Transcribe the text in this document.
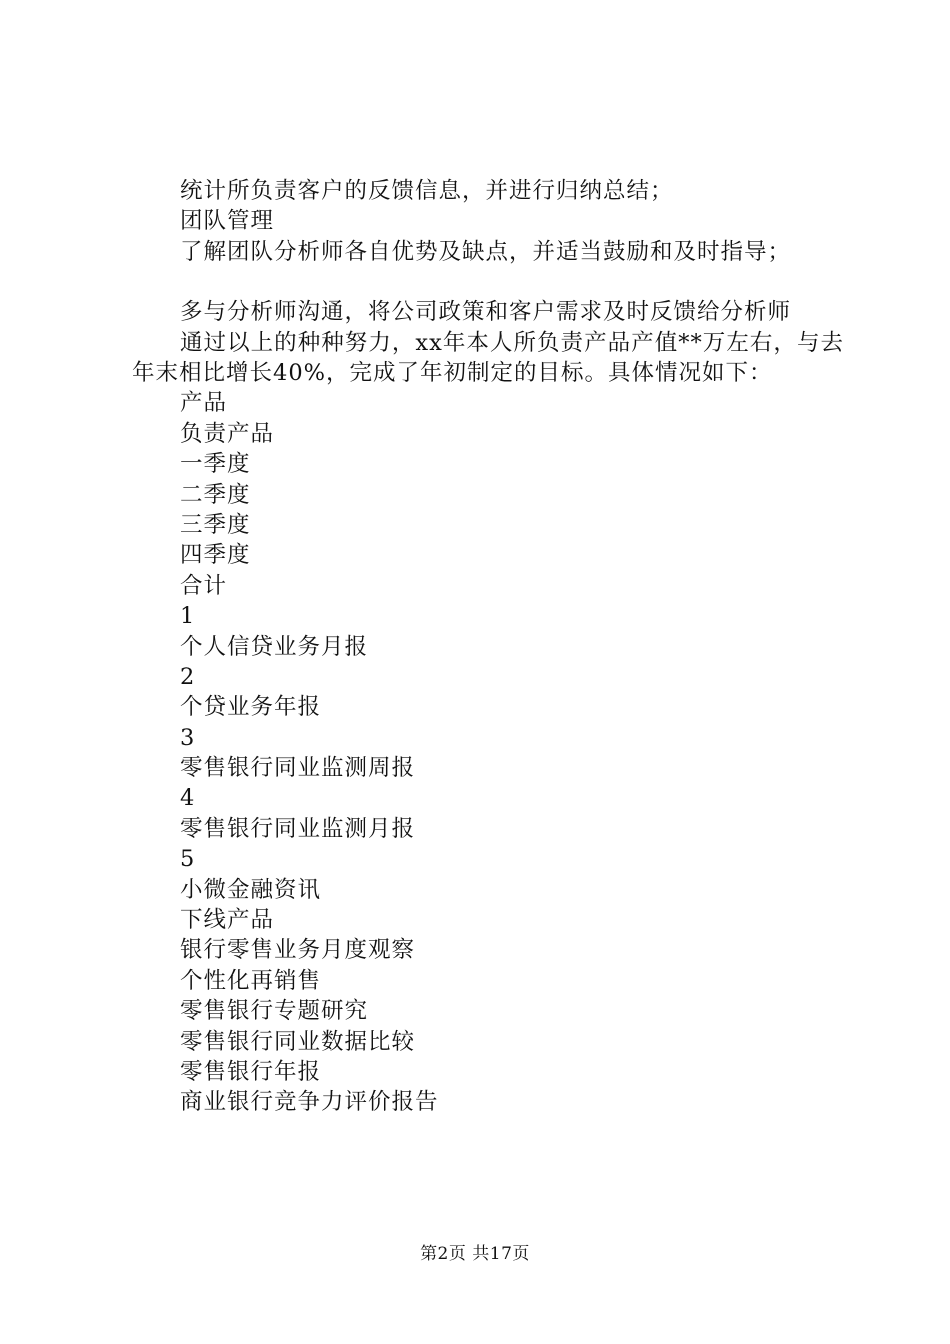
统计所负责客户的反馈信息，并进行归纳总结；
团队管理
了解团队分析师各自优势及缺点，并适当鼓励和及时指导；
多与分析师沟通，将公司政策和客户需求及时反馈给分析师
通过以上的种种努力，xx年本人所负责产品产值**万左右，与去年末相比增长40%，完成了年初制定的目标。具体情况如下：
产品
负责产品
一季度
二季度
三季度
四季度
合计
1
个人信贷业务月报
2
个贷业务年报
3
零售银行同业监测周报
4
零售银行同业监测月报
5
小微金融资讯
下线产品
银行零售业务月度观察
个性化再销售
零售银行专题研究
零售银行同业数据比较
零售银行年报
商业银行竞争力评价报告
第2页 共17页
